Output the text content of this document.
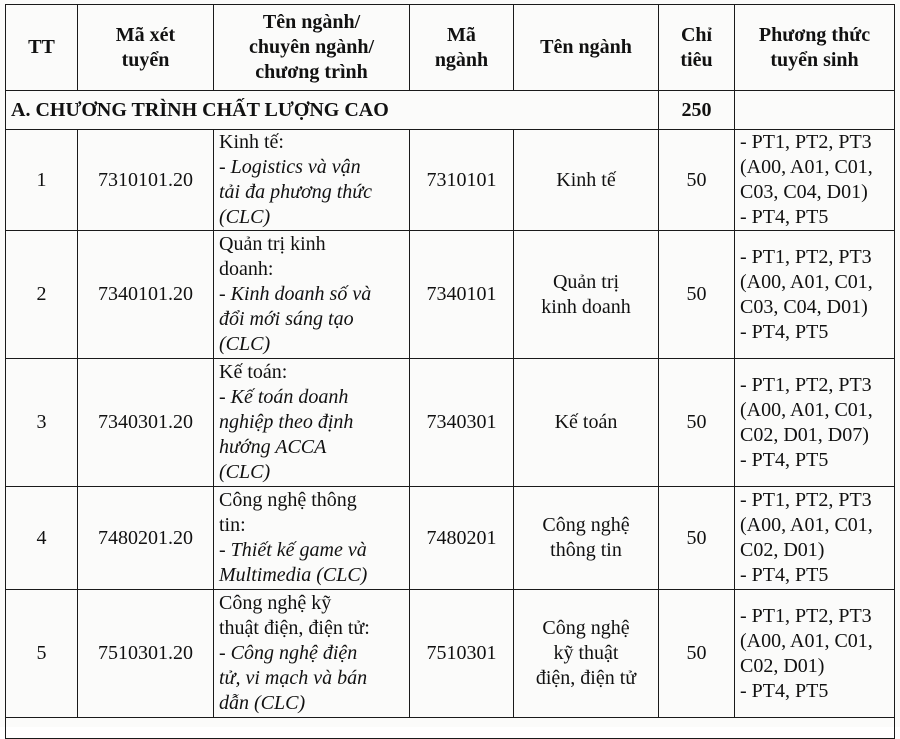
TT	Mã xét
tuyển	Tên ngành/
chuyên ngành/
chương trình	Mã
ngành	Tên ngành	Chỉ
tiêu	Phương thức
tuyển sinh

A. CHƯƠNG TRÌNH CHẤT LƯỢNG CAO					250	
1	7310101.20	Kinh tế:
- Logistics và vận
tải đa phương thức
(CLC)	7310101	Kinh tế	50	- PT1, PT2, PT3
(A00, A01, C01,
C03, C04, D01)
- PT4, PT5

2	7340101.20	Quản trị kinh
doanh:
- Kinh doanh số và
đổi mới sáng tạo
(CLC)	7340101	Quản trị
kinh doanh	50	- PT1, PT2, PT3
(A00, A01, C01,
C03, C04, D01)
- PT4, PT5

3	7340301.20	Kế toán:
- Kế toán doanh
nghiệp theo định
hướng ACCA
(CLC)	7340301	Kế toán	50	- PT1, PT2, PT3
(A00, A01, C01,
C02, D01, D07)
- PT4, PT5

4	7480201.20	Công nghệ thông
tin:
- Thiết kế game và
Multimedia (CLC)	7480201	Công nghệ
thông tin	50	- PT1, PT2, PT3
(A00, A01, C01,
C02, D01)
- PT4, PT5

5	7510301.20	Công nghệ kỹ
thuật điện, điện tử:
- Công nghệ điện
tử, vi mạch và bán
dẫn (CLC)	7510301	Công nghệ
kỹ thuật
điện, điện tử	50	- PT1, PT2, PT3
(A00, A01, C01,
C02, D01)
- PT4, PT5
